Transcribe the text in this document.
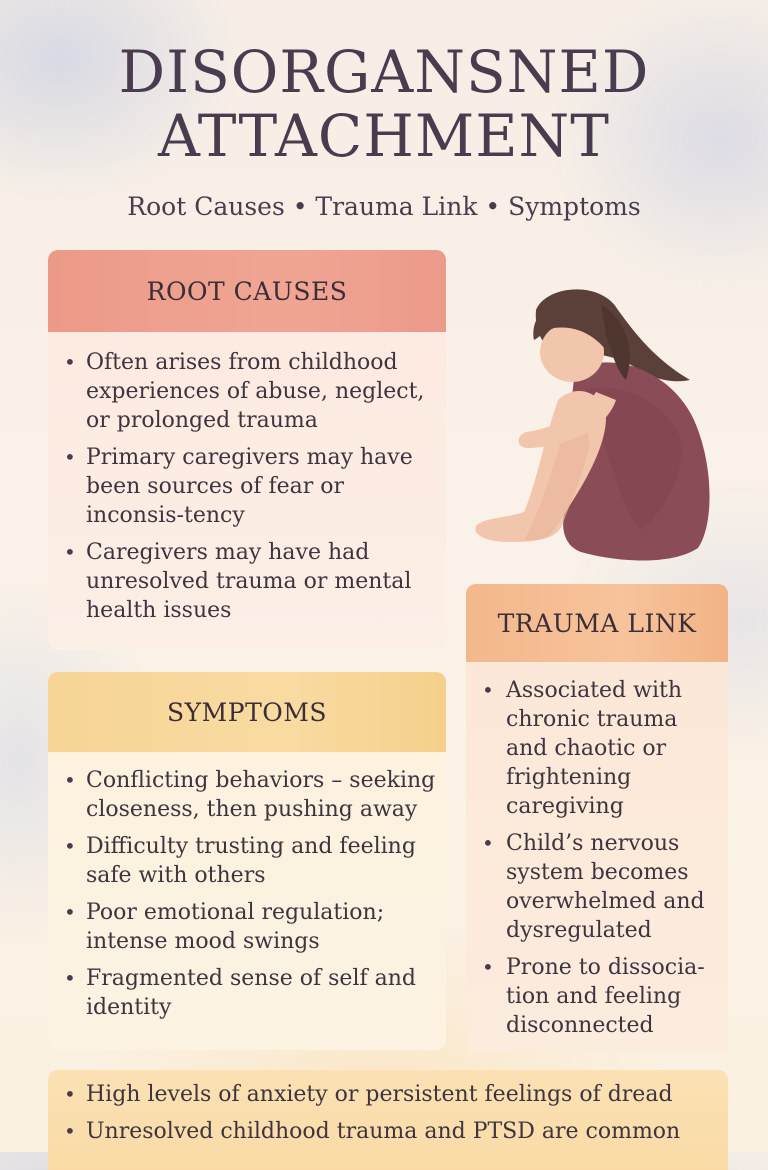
DISORGANSNED
ATTACHMENT
Root Causes • Trauma Link • Symptoms
ROOT CAUSES
• Often arises from childhood experiences of abuse, neglect, or prolonged trauma
• Primary caregivers may have been sources of fear or inconsis-tency
• Caregivers may have had unresolved trauma or mental health issues	TRAUMA LINK
• Associated with chronic trauma and chaotic or frightening caregiving
• Child’s nervous system becomes overwhelmed and dysregulated
• Prone to dissocia-tion and feeling disconnected
SYMPTOMS
• Conflicting behaviors – seeking closeness, then pushing away
• Difficulty trusting and feeling safe with others
• Poor emotional regulation; intense mood swings
• Fragmented sense of self and identity
• High levels of anxiety or persistent feelings of dread
• Unresolved childhood trauma and PTSD are common
